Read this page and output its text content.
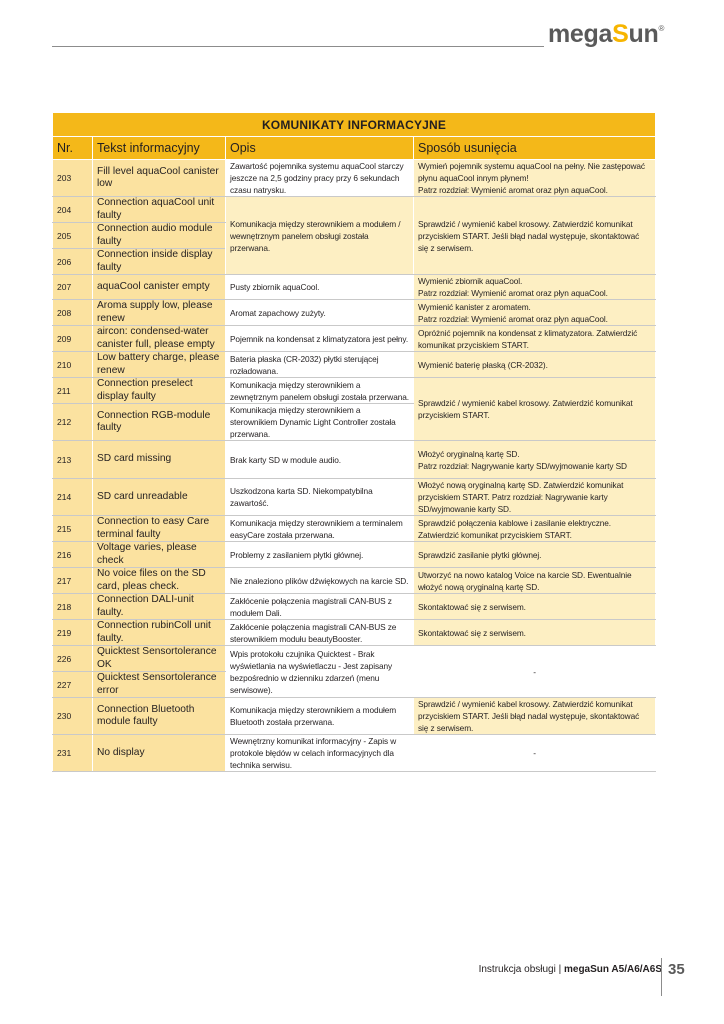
megaSun®
KOMUNIKATY INFORMACYJNE			
Nr.	Tekst informacyjny	Opis	Sposób usunięcia
203	Fill level aquaCool canister low	Zawartość pojemnika systemu aquaCool starczy jeszcze na 2,5 godziny pracy przy 6 sekundach czasu natrysku.	Wymień pojemnik systemu aquaCool na pełny. Nie zastępować płynu aquaCool innym płynem!
Patrz rozdział: Wymienić aromat oraz płyn aquaCool.
204	Connection aquaCool unit faulty	Komunikacja między sterownikiem a modułem / wewnętrznym panelem obsługi została przerwana.	Sprawdzić / wymienić kabel krosowy. Zatwierdzić komunikat przyciskiem START. Jeśli błąd nadal występuje, skontaktować się z serwisem.
205	Connection audio module faulty		
206	Connection inside display faulty		
207	aquaCool canister empty	Pusty zbiornik aquaCool.	Wymienić zbiornik aquaCool.
Patrz rozdział: Wymienić aromat oraz płyn aquaCool.
208	Aroma supply low, please renew	Aromat zapachowy zużyty.	Wymienić kanister z aromatem.
Patrz rozdział: Wymienić aromat oraz płyn aquaCool.
209	aircon: condensed-water canister full, please empty	Pojemnik na kondensat z klimatyzatora jest pełny.	Opróżnić pojemnik na kondensat z klimatyzatora. Zatwierdzić komunikat przyciskiem START.
210	Low battery charge, please renew	Bateria płaska (CR-2032) płytki sterującej rozładowana.	Wymienić baterię płaską (CR-2032).
211	Connection preselect display faulty	Komunikacja między sterownikiem a zewnętrznym panelem obsługi została przerwana.	Sprawdzić / wymienić kabel krosowy. Zatwierdzić komunikat przyciskiem START.
212	Connection RGB-module faulty	Komunikacja między sterownikiem a sterownikiem Dynamic Light Controller została przerwana.	
213	SD card missing	Brak karty SD w module audio.	Włożyć oryginalną kartę SD.
Patrz rozdział: Nagrywanie karty SD/wyjmowanie karty SD
214	SD card unreadable	Uszkodzona karta SD. Niekompatybilna zawartość.	Włożyć nową oryginalną kartę SD. Zatwierdzić komunikat przyciskiem START. Patrz rozdział: Nagrywanie karty SD/wyjmowanie karty SD.
215	Connection to easy Care terminal faulty	Komunikacja między sterownikiem a terminalem easyCare została przerwana.	Sprawdzić połączenia kablowe i zasilanie elektryczne. Zatwierdzić komunikat przyciskiem START.
216	Voltage varies, please check	Problemy z zasilaniem płytki głównej.	Sprawdzić zasilanie płytki głównej.
217	No voice files on the SD card, pleas check.	Nie znaleziono plików dźwiękowych na karcie SD.	Utworzyć na nowo katalog Voice na karcie SD. Ewentualnie włożyć nową oryginalną kartę SD.
218	Connection DALI-unit faulty.	Zakłócenie połączenia magistrali CAN-BUS z modułem Dali.	Skontaktować się z serwisem.
219	Connection rubinColl unit faulty.	Zakłócenie połączenia magistrali CAN-BUS ze sterownikiem modułu beautyBooster.	Skontaktować się z serwisem.
226	Quicktest Sensortolerance OK	Wpis protokołu czujnika Quicktest - Brak wyświetlania na wyświetlaczu - Jest zapisany bezpośrednio w dzienniku zdarzeń (menu serwisowe).	-
227	Quicktest Sensortolerance error		
230	Connection Bluetooth module faulty	Komunikacja między sterownikiem a modułem Bluetooth została przerwana.	Sprawdzić / wymienić kabel krosowy. Zatwierdzić komunikat przyciskiem START. Jeśli błąd nadal występuje, skontaktować się z serwisem.
231	No display	Wewnętrzny komunikat informacyjny - Zapis w protokole błędów w celach informacyjnych dla technika serwisu.	-
Instrukcja obsługi | megaSun A5/A6/A6S 35
